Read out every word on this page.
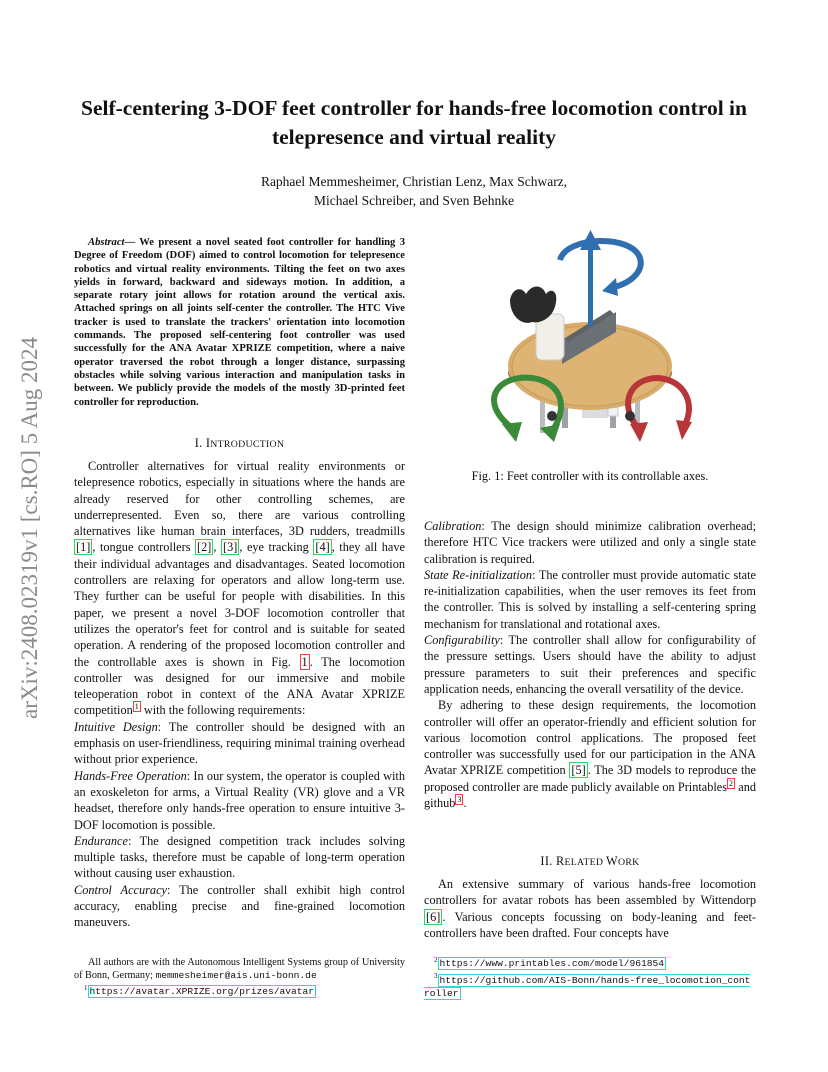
arXiv:2408.02319v1 [cs.RO] 5 Aug 2024
Self-centering 3-DOF feet controller for hands-free locomotion control in telepresence and virtual reality
Raphael Memmesheimer, Christian Lenz, Max Schwarz,
Michael Schreiber, and Sven Behnke

Abstract— We present a novel seated foot controller for handling 3 Degree of Freedom (DOF) aimed to control locomotion for telepresence robotics and virtual reality environments. Tilting the feet on two axes yields in forward, backward and sideways motion. In addition, a separate rotary joint allows for rotation around the vertical axis. Attached springs on all joints self-center the controller. The HTC Vive tracker is used to translate the trackers' orientation into locomotion commands. The proposed self-centering foot controller was used successfully for the ANA Avatar XPRIZE competition, where a naive operator traversed the robot through a longer distance, surpassing obstacles while solving various interaction and manipulation tasks in between. We publicly provide the models of the mostly 3D-printed feet controller for reproduction.

I. INTRODUCTION

Controller alternatives for virtual reality environments or telepresence robotics, especially in situations where the hands are already reserved for other controlling schemes, are underrepresented. Even so, there are various controlling alternatives like human brain interfaces, 3D rudders, treadmills [1] , tongue controllers [2] , [3] , eye tracking [4] , they all have their individual advantages and disadvantages. Seated locomotion controllers are relaxing for operators and allow long-term use. They further can be useful for people with disabilities. In this paper, we present a novel 3-DOF locomotion controller that utilizes the operator's feet for control and is suitable for seated operation. A rendering of the proposed locomotion controller and the controllable axes is shown in Fig. 1 . The locomotion controller was designed for our immersive and mobile teleoperation robot in context of the ANA Avatar XPRIZE competition $^1$ with the following requirements:

Intuitive Design: The controller should be designed with an emphasis on user-friendliness, requiring minimal training overhead without prior experience.

Hands-Free Operation: In our system, the operator is coupled with an exoskeleton for arms, a Virtual Reality (VR) glove and a VR headset, therefore only hands-free operation to ensure intuitive 3-DOF locomotion is possible.

Endurance: The designed competition track includes solving multiple tasks, therefore must be capable of long-term operation without causing user exhaustion.

Control Accuracy: The controller shall exhibit high control accuracy, enabling precise and fine-grained locomotion maneuvers.

All authors are with the Autonomous Intelligent Systems group of University of Bonn, Germany; memmesheimer@ais.uni-bonn.de

$^1$ https://avatar.XPRIZE.org/prizes/avatar

Fig. 1: Feet controller with its controllable axes.

Calibration: The design should minimize calibration overhead; therefore HTC Vice trackers were utilized and only a single state calibration is required.

State Re-initialization: The controller must provide automatic state re-initialization capabilities, when the user removes its feet from the controller. This is solved by installing a self-centering spring mechanism for translational and rotational axes.

Configurability: The controller shall allow for configurability of the pressure settings. Users should have the ability to adjust pressure parameters to suit their preferences and specific application needs, enhancing the overall versatility of the device.

By adhering to these design requirements, the locomotion controller will offer an operator-friendly and efficient solution for various locomotion control applications. The proposed feet controller was successfully used for our participation in the ANA Avatar XPRIZE competition [5] . The 3D models to reproduce the proposed controller are made publicly available on Printables $^2$ and github $^3$ .

II. RELATED WORK

An extensive summary of various hands-free locomotion controllers for avatar robots has been assembled by Wittendorp [6] . Various concepts focussing on body-leaning and feet-controllers have been drafted. Four concepts have

$^2$ https://www.printables.com/model/961854

$^3$ https://github.com/AIS-Bonn/hands-free_locomotion_controller
